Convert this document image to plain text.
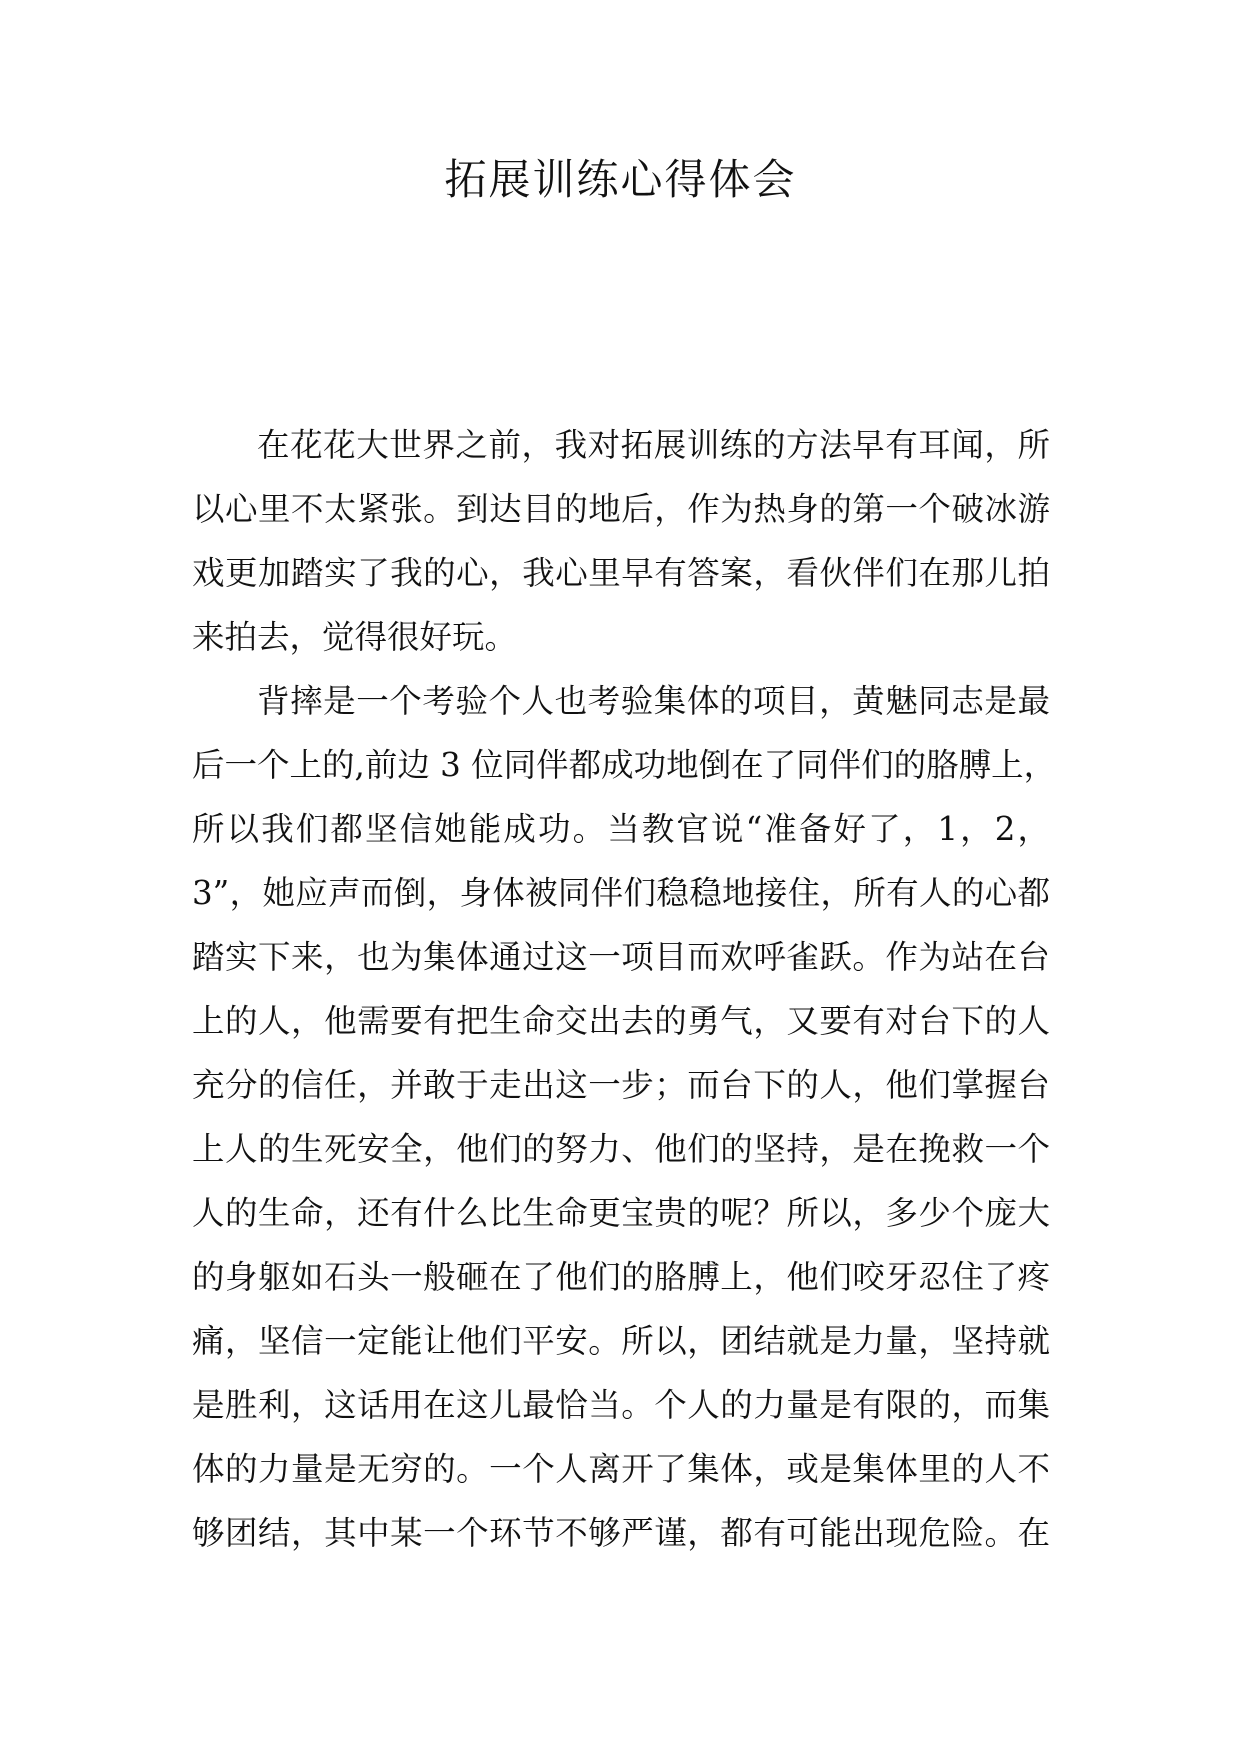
拓展训练心得体会
在花花大世界之前，我对拓展训练的方法早有耳闻，所
以心里不太紧张。到达目的地后，作为热身的第一个破冰游
戏更加踏实了我的心，我心里早有答案，看伙伴们在那儿拍
来拍去，觉得很好玩。
背摔是一个考验个人也考验集体的项目，黄魅同志是最
后一个上的,前边 3 位同伴都成功地倒在了同伴们的胳膊上，
所以我们都坚信她能成功。当教官说“准备好了，1，2，
3”，她应声而倒，身体被同伴们稳稳地接住，所有人的心都
踏实下来，也为集体通过这一项目而欢呼雀跃。作为站在台
上的人，他需要有把生命交出去的勇气，又要有对台下的人
充分的信任，并敢于走出这一步；而台下的人，他们掌握台
上人的生死安全，他们的努力、他们的坚持，是在挽救一个
人的生命，还有什么比生命更宝贵的呢？所以，多少个庞大
的身躯如石头一般砸在了他们的胳膊上，他们咬牙忍住了疼
痛，坚信一定能让他们平安。所以，团结就是力量，坚持就
是胜利，这话用在这儿最恰当。个人的力量是有限的，而集
体的力量是无穷的。一个人离开了集体，或是集体里的人不
够团结，其中某一个环节不够严谨，都有可能出现危险。在
